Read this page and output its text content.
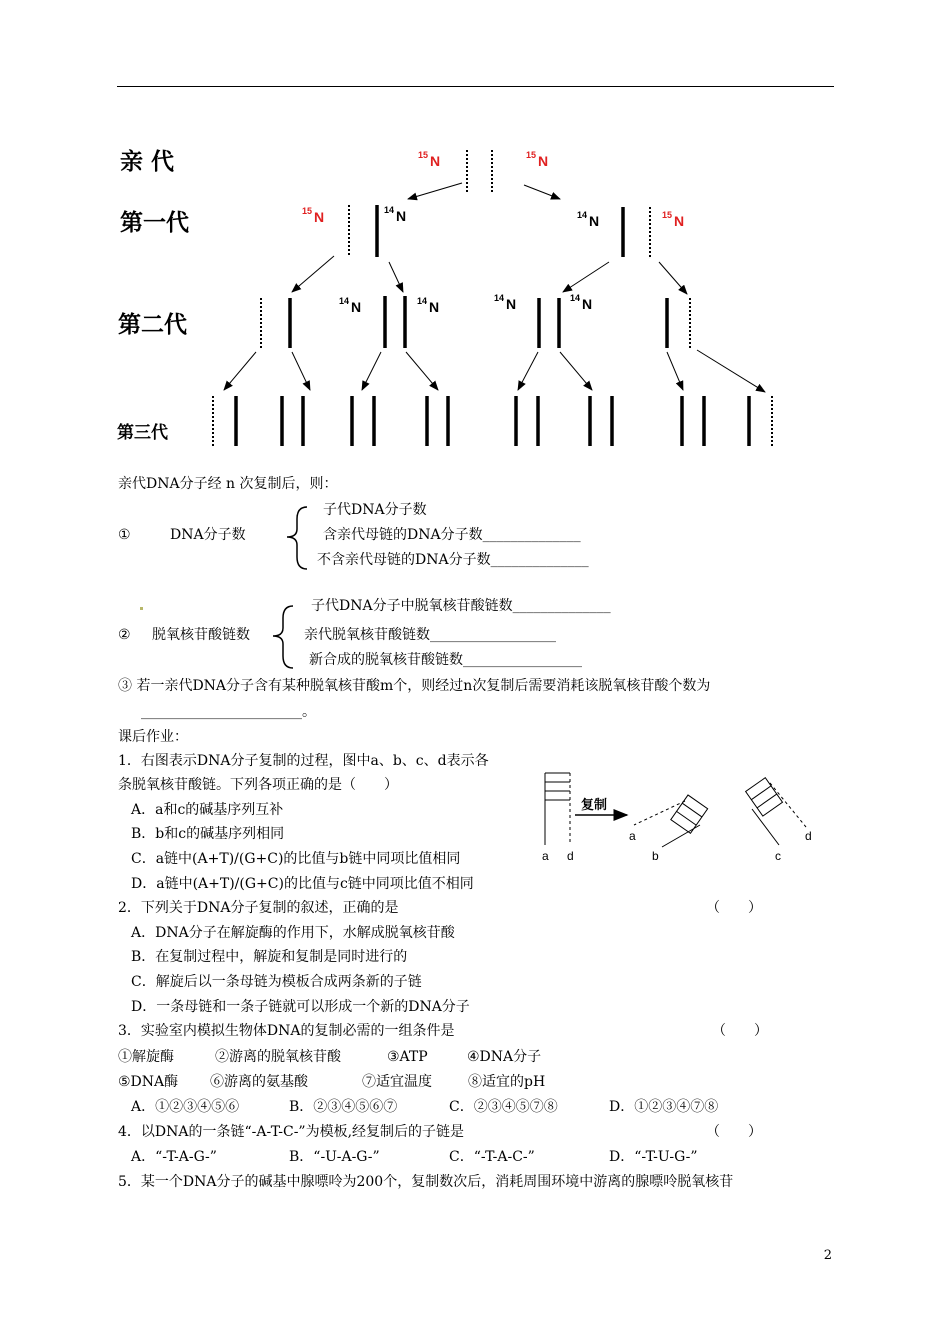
亲 代
第一代
第二代
第三代
15 N	15 N
15 N	14 N	14 N	15 N
14 N	14 N
14 N	14 N
亲代DNA分子经 n 次复制后，则：
①	DNA分子数
子代DNA分子数
含亲代母链的DNA分子数______________
不含亲代母链的DNA分子数______________
② 脱氧核苷酸链数
子代DNA分子中脱氧核苷酸链数______________
亲代脱氧核苷酸链数__________________
新合成的脱氧核苷酸链数_________________
③ 若一亲代DNA分子含有某种脱氧核苷酸m个，则经过n次复制后需要消耗该脱氧核苷酸个数为
_______________________。
课后作业：
1．右图表示DNA分子复制的过程，图中a、b、c、d表示各
条脱氧核苷酸链。下列各项正确的是（　　）
A．a和c的碱基序列互补
B．b和c的碱基序列相同
C．a链中(A+T)/(G+C)的比值与b链中同项比值相同
D．a链中(A+T)/(G+C)的比值与c链中同项比值不相同
复制
a d
a
b	c
d
2．下列关于DNA分子复制的叙述，正确的是	（　　）
A．DNA分子在解旋酶的作用下，水解成脱氧核苷酸
B．在复制过程中，解旋和复制是同时进行的
C．解旋后以一条母链为模板合成两条新的子链
D．一条母链和一条子链就可以形成一个新的DNA分子
3．实验室内模拟生物体DNA的复制必需的一组条件是	（　　）
①解旋酶	②游离的脱氧核苷酸	③ATP	④DNA分子
⑤DNA酶 ⑥游离的氨基酸	⑦适宜温度	⑧适宜的pH
A．①②③④⑤⑥	B．②③④⑤⑥⑦	C．②③④⑤⑦⑧	D．①②③④⑦⑧
4．以DNA的一条链“-A-T-C-”为模板,经复制后的子链是	（　　）
A．“-T-A-G-”	B．“-U-A-G-”	C．“-T-A-C-”	D．“-T-U-G-”
5．某一个DNA分子的碱基中腺嘌呤为200个，复制数次后，消耗周围环境中游离的腺嘌呤脱氧核苷
2
